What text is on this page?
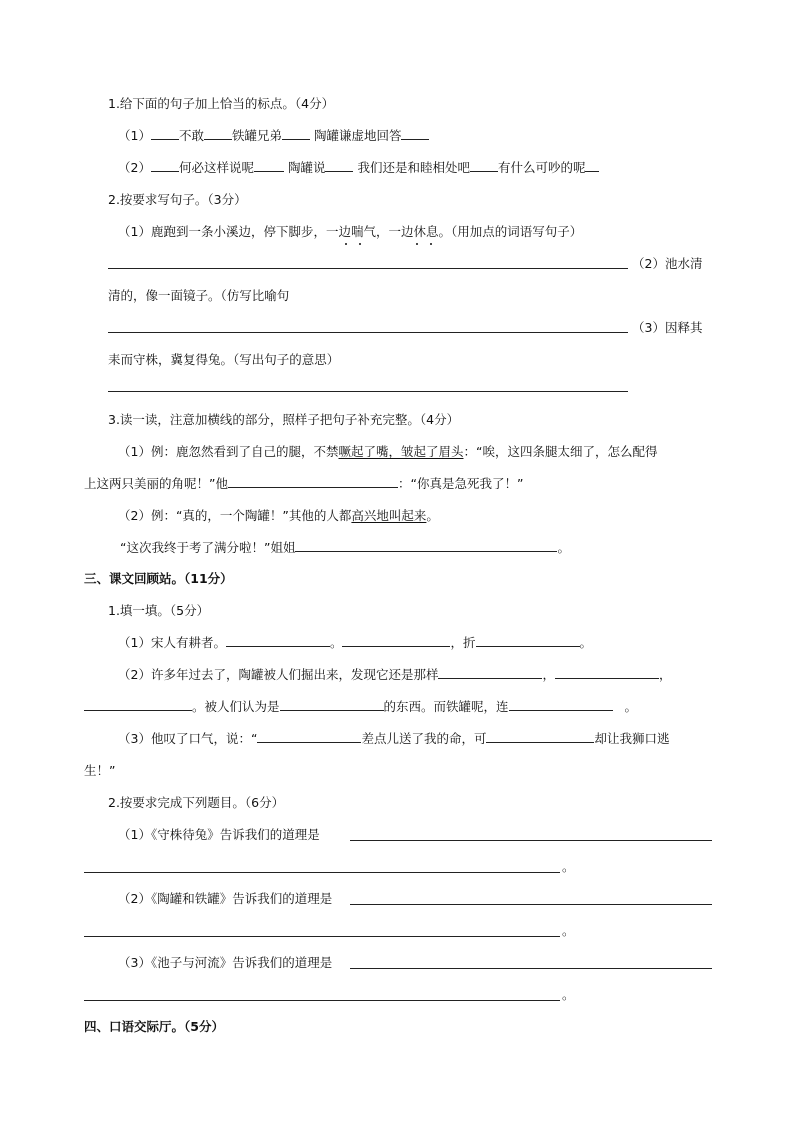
1.给下面的句子加上恰当的标点。（4分）
（1） 不敢 铁罐兄弟	陶罐谦虚地回答
（2） 何必这样说呢	陶罐说	我们还是和睦相处吧 有什么可吵的呢
2.按要求写句子。（3分）
（1）鹿跑到一条小溪边，停下脚步，一边喘气，一边休息。（用加点的词语写句子）
（2）池水清
清的，像一面镜子。（仿写比喻句
（3）因释其
耒而守株，冀复得兔。（写出句子的意思）
3.读一读，注意加横线的部分，照样子把句子补充完整。（4分）
（1）例：鹿忽然看到了自己的腿，不禁噘起了嘴，皱起了眉头：“唉，这四条腿太细了，怎么配得
上这两只美丽的角呢！”他	：“你真是急死我了！”
（2）例：“真的，一个陶罐！”其他的人都高兴地叫起来。
“这次我终于考了满分啦！”姐姐	。
三、课文回顾站。（11分）
1.填一填。（5分）
（1）宋人有耕者。	。	，折	。
（2）许多年过去了，陶罐被人们掘出来，发现它还是那样	，	，
。被人们认为是	的东西。而铁罐呢，连	。
（3）他叹了口气，说：“	差点儿送了我的命，可	却让我狮口逃
生！”
2.按要求完成下列题目。（6分）
（1）《守株待兔》告诉我们的道理是
。
（2）《陶罐和铁罐》告诉我们的道理是
。
（3）《池子与河流》告诉我们的道理是
。
四、口语交际厅。（5分）
